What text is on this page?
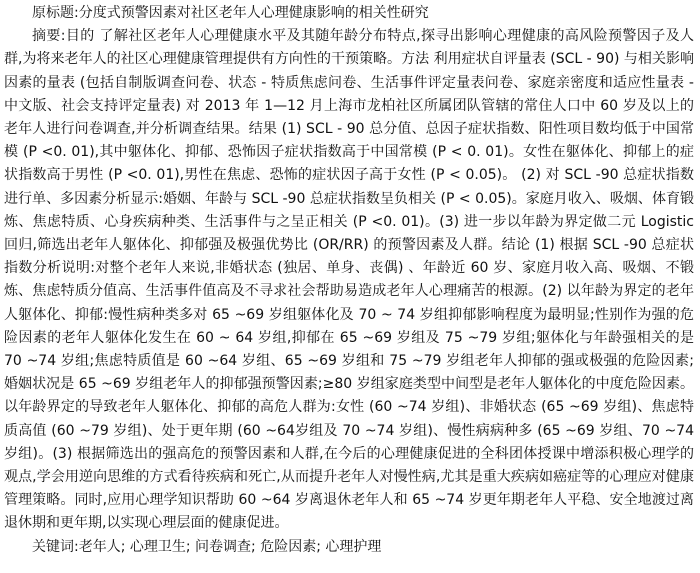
原标题:分度式预警因素对社区老年人心理健康影响的相关性研究

摘要:目的 了解社区老年人心理健康水平及其随年龄分布特点,探寻出影响心理健康的高风险预警因子及人群,为将来老年人的社区心理健康管理提供有方向性的干预策略。方法 利用症状自评量表 (SCL - 90) 与相关影响因素的量表 (包括自制版调查问卷、状态 - 特质焦虑问卷、生活事件评定量表问卷、家庭亲密度和适应性量表 - 中文版、社会支持评定量表) 对 2013 年 1—12 月上海市龙柏社区所属团队管辖的常住人口中 60 岁及以上的老年人进行问卷调查,并分析调查结果。结果 (1) SCL - 90 总分值、总因子症状指数、阳性项目数均低于中国常模 (P <0. 01),其中躯体化、抑郁、恐怖因子症状指数高于中国常模 (P < 0. 01)。女性在躯体化、抑郁上的症状指数高于男性 (P <0. 01),男性在焦虑、恐怖的症状因子高于女性 (P < 0.05)。 (2) 对 SCL -90 总症状指数进行单、多因素分析显示:婚姻、年龄与 SCL -90 总症状指数呈负相关 (P < 0.05)。家庭月收入、吸烟、体育锻炼、焦虑特质、心身疾病种类、生活事件与之呈正相关 (P <0. 01)。(3) 进一步以年龄为界定做二元 Logistic 回归,筛选出老年人躯体化、抑郁强及极强优势比 (OR/RR) 的预警因素及人群。结论 (1) 根据 SCL -90 总症状指数分析说明:对整个老年人来说,非婚状态 (独居、单身、丧偶) 、年龄近 60 岁、家庭月收入高、吸烟、不锻炼、焦虑特质分值高、生活事件值高及不寻求社会帮助易造成老年人心理痛苦的根源。(2) 以年龄为界定的老年人躯体化、抑郁:慢性病种类多对 65 ~69 岁组躯体化及 70 ~ 74 岁组抑郁影响程度为最明显;性别作为强的危险因素的老年人躯体化发生在 60 ~ 64 岁组,抑郁在 65 ~69 岁组及 75 ~79 岁组;躯体化与年龄强相关的是 70 ~74 岁组;焦虑特质值是 60 ~64 岁组、65 ~69 岁组和 75 ~79 岁组老年人抑郁的强或极强的危险因素;婚姻状况是 65 ~69 岁组老年人的抑郁强预警因素;≥80 岁组家庭类型中间型是老年人躯体化的中度危险因素。以年龄界定的导致老年人躯体化、抑郁的高危人群为:女性 (60 ~74 岁组)、非婚状态 (65 ~69 岁组)、焦虑特质高值 (60 ~79 岁组)、处于更年期 (60 ~64岁组及 70 ~74 岁组)、慢性病病种多 (65 ~69 岁组、70 ~74 岁组)。(3) 根据筛选出的强高危的预警因素和人群,在今后的心理健康促进的全科团体授课中增添积极心理学的观点,学会用逆向思维的方式看待疾病和死亡,从而提升老年人对慢性病,尤其是重大疾病如癌症等的心理应对健康管理策略。同时,应用心理学知识帮助 60 ~64 岁离退休老年人和 65 ~74 岁更年期老年人平稳、安全地渡过离退休期和更年期,以实现心理层面的健康促进。

关键词:老年人; 心理卫生; 问卷调查; 危险因素; 心理护理
